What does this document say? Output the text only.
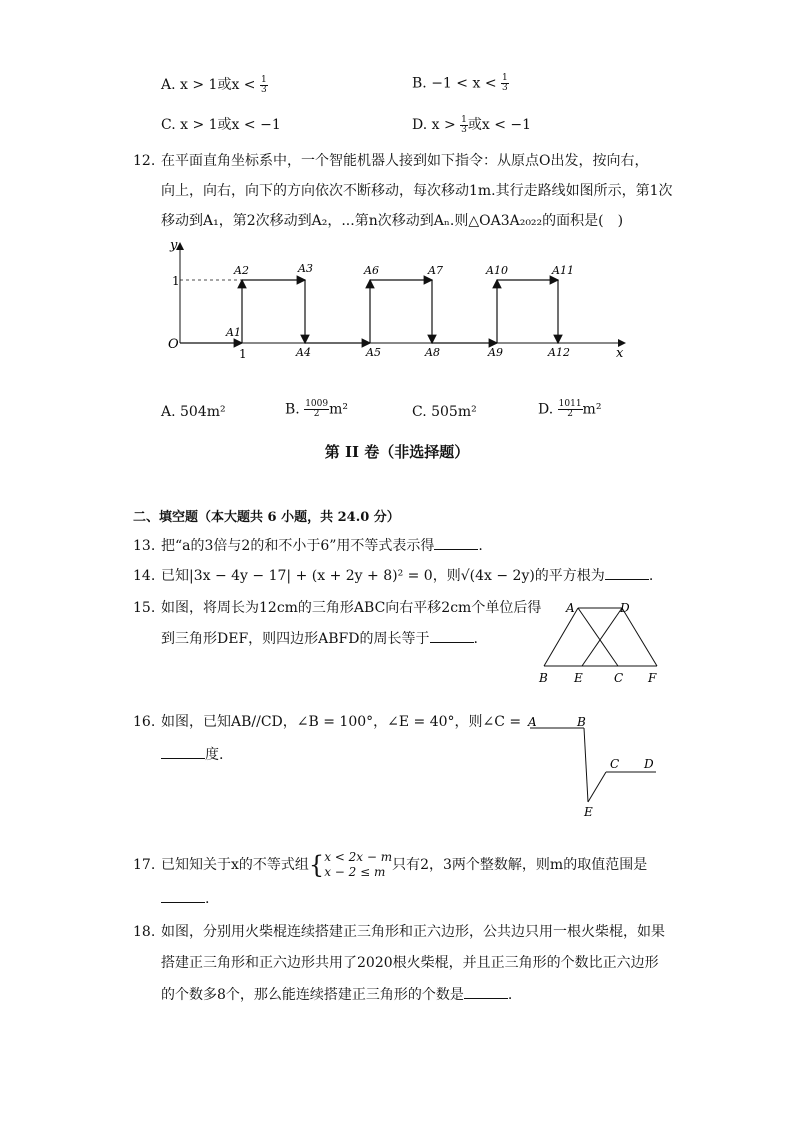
A. x > 1或$x < \frac{1}{3}$	B. $-1 < x < \frac{1}{3}$
C. x > 1或x < −1	D. $x > \frac{1}{3}$ 或x < −1
12. 在平面直角坐标系中，一个智能机器人接到如下指令：从原点O出发，按向右，
向上，向右，向下的方向依次不断移动，每次移动1m.其行走路线如图所示，第1次
移动到A₁，第2次移动到A₂，...第n次移动到Aₙ.则△OA3A₂₀₂₂的面积是(　)
y
x
O
1
1
A1
A2	A3
A4	A5
A6	A7
A8	A9
A10	A11
A12
A. 504m²	B. $\frac{1009}{2} m^2$	C. 505m²	D. $\frac{1011}{2} m^2$
第 II 卷（非选择题）
二、填空题（本大题共 6 小题，共 24.0 分）
13. 把“a的3倍与2的和不小于6”用不等式表示得	.
14. 已知|3x − 4y − 17| + (x + 2y + 8)² = 0，则√(4x − 2y)的平方根为	.
15. 如图，将周长为12cm的三角形ABC向右平移2cm个单位后得
到三角形DEF，则四边形ABFD的周长等于	.
A	D
B E	C F
16. 如图，已知AB//CD，∠B = 100°，∠E = 40°，则∠C =
度.
A	B
C D
E
17. 已知知关于x的不等式组 { x < 2x − m
x − 2 ≤ m 只有2，3两个整数解，则m的取值范围是
.
18. 如图，分别用火柴棍连续搭建正三角形和正六边形，公共边只用一根火柴棍，如果
搭建正三角形和正六边形共用了2020根火柴棍，并且正三角形的个数比正六边形
的个数多8个，那么能连续搭建正三角形的个数是	.
